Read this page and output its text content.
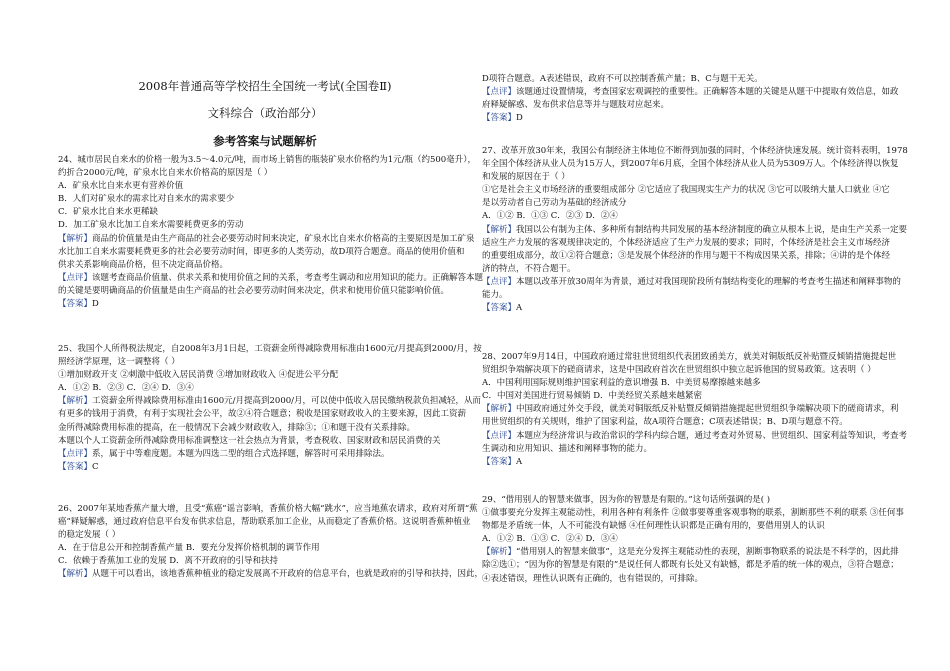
2008年普通高等学校招生全国统一考试(全国卷Ⅱ)
文科综合（政治部分）
参考答案与试题解析

24、城市居民自来水的价格一般为3.5～4.0元/吨，而市场上销售的瓶装矿泉水价格约为1元/瓶（约500毫升），

约折合2000元/吨，矿泉水比自来水价格高的原因是（ ）

A．矿泉水比自来水更有营养价值

B．人们对矿泉水的需求比对自来水的需求要少

C．矿泉水比自来水更稀缺

D．加工矿泉水比加工自来水需要耗费更多的劳动

【解析】商品的价值量是由生产商品的社会必要劳动时间来决定，矿泉水比自来水价格高的主要原因是加工矿泉

水比加工自来水需要耗费更多的社会必要劳动时间，即更多的人类劳动，故D项符合题意。商品的使用价值和

供求关系影响商品价格，但不决定商品价格。

【点评】该题考查商品价值量、供求关系和使用价值之间的关系，考查考生调动和应用知识的能力。正确解答本题

的关键是要明确商品的价值量是由生产商品的社会必要劳动时间来决定，供求和使用价值只能影响价值。

【答案】D

25、我国个人所得税法规定，自2008年3月1日起，工资薪金所得减除费用标准由1600元/月提高到2000/月，按

照经济学原理，这一调整将（ ）

①增加财政开支 ②刺激中低收入居民消费 ③增加财政收入 ④促进公平分配

A．①② B．②③ C．②④ D．③④

【解析】工资薪金所得减除费用标准由1600元/月提高到2000/月，可以使中低收入居民缴纳税款负担减轻，从而

有更多的钱用于消费，有利于实现社会公平，故②④符合题意；税收是国家财政收入的主要来源，因此工资薪

金所得减除费用标准的提高，在一般情况下会减少财政收入，排除③；①和题干没有关系排除。

本题以个人工资薪金所得减除费用标准调整这一社会热点为背景，考查税收、国家财政和居民消费的关

【点评】系，属于中等难度题。本题为四选二型的组合式选择题，解答时可采用排除法。

【答案】C

26、2007年某地香蕉产量大增，且受“蕉癌”谣言影响，香蕉价格大幅“跳水”，应当地蕉农请求，政府对所谓“蕉

癌”释疑解惑，通过政府信息平台发布供求信息，帮助联系加工企业，从而稳定了香蕉价格。这说明香蕉种植业

的稳定发展（ ）

A．在于信息公开和控制香蕉产量 B．要充分发挥价格机制的调节作用

C．依赖于香蕉加工业的发展 D．离不开政府的引导和扶持

【解析】从题干可以看出，该地香蕉种植业的稳定发展离不开政府的信息平台，也就是政府的引导和扶持，因此，

D项符合题意。A表述错误，政府不可以控制香蕉产量；B、C与题干无关。

【点评】该题通过设置情境，考查国家宏观调控的重要性。正确解答本题的关键是从题干中提取有效信息，如政

府释疑解惑、发布供求信息等并与题肢对应起来。

【答案】D

27、改革开放30年来，我国公有制经济主体地位不断得到加强的同时，个体经济快速发展。统计资料表明，1978

年全国个体经济从业人员为15万人，到2007年6月底，全国个体经济从业人员为5309万人。个体经济得以恢复

和发展的原因在于（ ）

①它是社会主义市场经济的重要组成部分 ②它适应了我国现实生产力的状况 ③它可以吸纳大量人口就业 ④它

是以劳动者自己劳动为基础的经济成分

A．①② B．①③ C．②③ D．②④

【解析】我国以公有制为主体、多种所有制结构共同发展的基本经济制度的确立从根本上说，是由生产关系一定要

适应生产力发展的客观规律决定的，个体经济适应了生产力发展的要求；同时，个体经济是社会主义市场经济

的重要组成部分，故①②符合题意；③是发展个体经济的作用与题干不构成因果关系，排除；④讲的是个体经

济的特点，不符合题干。

【点评】本题以改革开放30周年为背景，通过对我国现阶段所有制结构变化的理解的考查考生描述和阐释事物的

能力。

【答案】A

28、2007年9月14日，中国政府通过常驻世贸组织代表团致函美方，就美对铜版纸反补贴暨反倾销措施提起世

贸组织争端解决项下的磋商请求，这是中国政府首次在世贸组织中独立起诉他国的贸易政策。这表明（ ）

A．中国利用国际规则维护国家利益的意识增强 B．中美贸易摩擦越来越多

C．中国对美国进行贸易倾销 D．中美经贸关系越来越紧密

【解析】中国政府通过外交手段，就美对铜版纸反补贴暨反倾销措施提起世贸组织争端解决项下的磋商请求，利

用世贸组织的有关规则，维护了国家利益，故A项符合题意；C项表述错误；B、D项与题意不符。

【点评】本题应为经济常识与政治常识的学科内综合题，通过考查对外贸易、世贸组织、国家利益等知识，考查考

生调动和应用知识、描述和阐释事物的能力。

【答案】A

29、“借用别人的智慧来做事，因为你的智慧是有限的。”这句话所强调的是( )

①做事要充分发挥主观能动性，利用各种有利条件 ②做事要尊重客观事物的联系，割断那些不利的联系 ③任何事

物都是矛盾统一体，人不可能没有缺憾 ④任何理性认识都是正确有用的，要借用别人的认识

A．①② B．①③ C．②④ D．③④

【解析】“借用别人的智慧来做事”，这是充分发挥主观能动性的表现，割断事物联系的说法是不科学的，因此排

除②选①；“因为你的智慧是有限的”是说任何人都既有长处又有缺憾，都是矛盾的统一体的观点，③符合题意；

④表述错误，理性认识既有正确的，也有错误的，可排除。
